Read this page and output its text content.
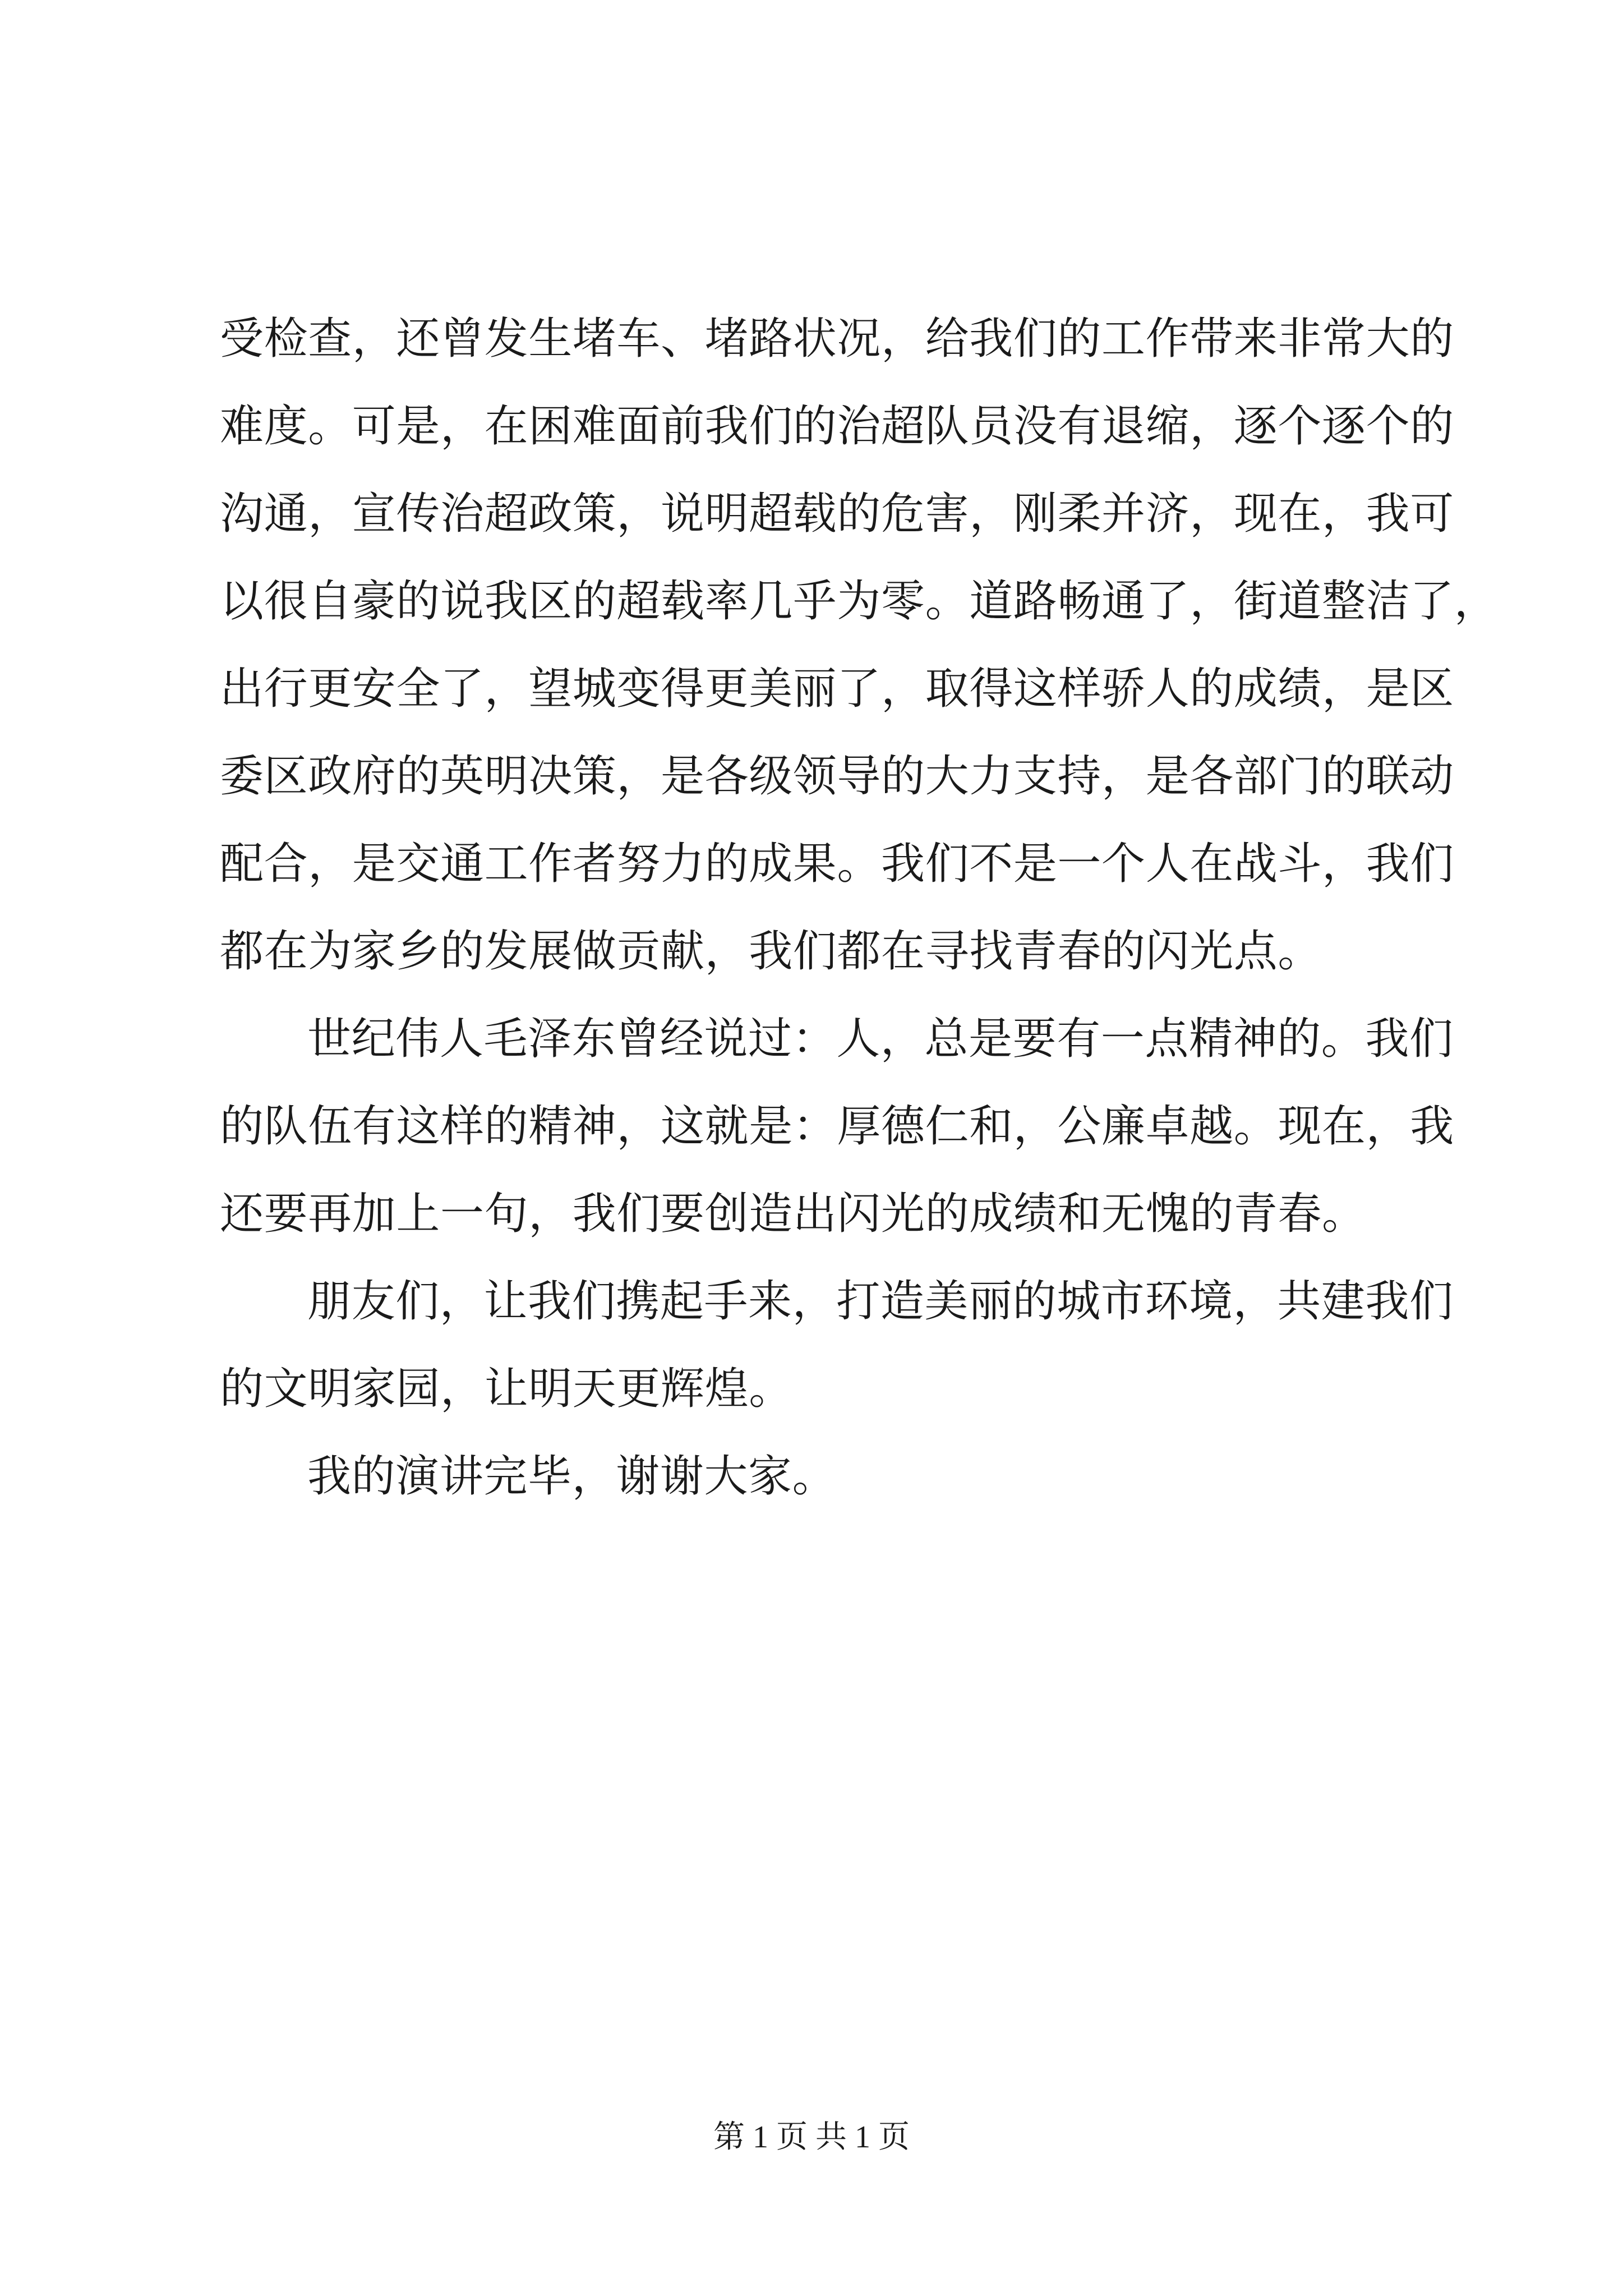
受检查，还曾发生堵车、堵路状况，给我们的工作带来非常大的
难度。可是，在困难面前我们的治超队员没有退缩，逐个逐个的
沟通，宣传治超政策，说明超载的危害，刚柔并济，现在，我可
以很自豪的说我区的超载率几乎为零。道路畅通了，街道整洁了，
出行更安全了，望城变得更美丽了，取得这样骄人的成绩，是区
委区政府的英明决策，是各级领导的大力支持，是各部门的联动
配合，是交通工作者努力的成果。我们不是一个人在战斗，我们
都在为家乡的发展做贡献，我们都在寻找青春的闪光点。
世纪伟人毛泽东曾经说过：人，总是要有一点精神的。我们
的队伍有这样的精神，这就是：厚德仁和，公廉卓越。现在，我
还要再加上一句，我们要创造出闪光的成绩和无愧的青春。
朋友们，让我们携起手来，打造美丽的城市环境，共建我们
的文明家园，让明天更辉煌。
我的演讲完毕，谢谢大家。
第 1 页 共 1 页
